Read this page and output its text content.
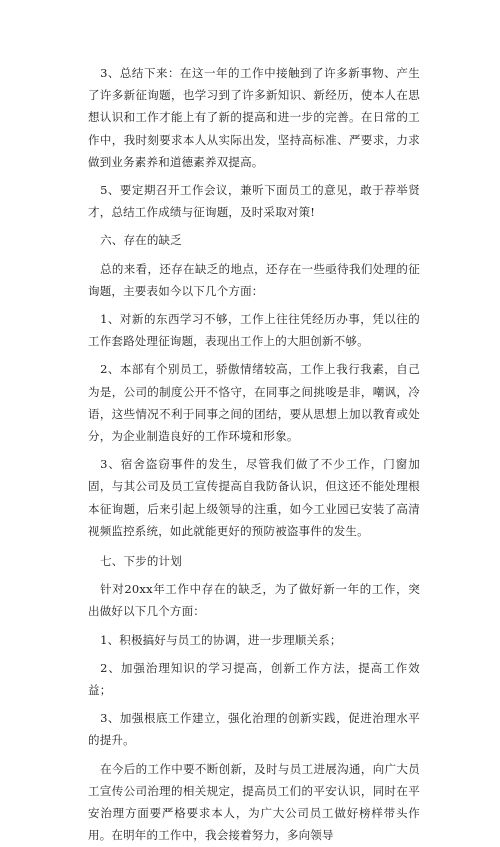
3、总结下来：在这一年的工作中接触到了许多新事物、产生了许多新征询题，也学习到了许多新知识、新经历，使本人在思想认识和工作才能上有了新的提高和进一步的完善。在日常的工作中，我时刻要求本人从实际出发，坚持高标准、严要求，力求做到业务素养和道德素养双提高。

5、要定期召开工作会议，兼听下面员工的意见，敢于荐举贤才，总结工作成绩与征询题，及时采取对策!

六、存在的缺乏

总的来看，还存在缺乏的地点，还存在一些亟待我们处理的征询题，主要表如今以下几个方面：

1、对新的东西学习不够，工作上往往凭经历办事，凭以往的工作套路处理征询题，表现出工作上的大胆创新不够。

2、本部有个别员工，骄傲情绪较高，工作上我行我素，自己为是，公司的制度公开不恪守，在同事之间挑唆是非，嘲讽，冷语，这些情况不利于同事之间的团结，要从思想上加以教育或处分，为企业制造良好的工作环境和形象。

3、宿舍盗窃事件的发生，尽管我们做了不少工作，门窗加固，与其公司及员工宣传提高自我防备认识，但这还不能处理根本征询题，后来引起上级领导的注重，如今工业园已安装了高清视频监控系统，如此就能更好的预防被盗事件的发生。

七、下步的计划

针对20xx年工作中存在的缺乏，为了做好新一年的工作，突出做好以下几个方面：

1、积极搞好与员工的协调，进一步理顺关系；

2、加强治理知识的学习提高，创新工作方法，提高工作效益；

3、加强根底工作建立，强化治理的创新实践，促进治理水平的提升。

在今后的工作中要不断创新，及时与员工进展沟通，向广大员工宣传公司治理的相关规定，提高员工们的平安认识，同时在平安治理方面要严格要求本人，为广大公司员工做好榜样带头作用。在明年的工作中，我会接着努力，多向领导
